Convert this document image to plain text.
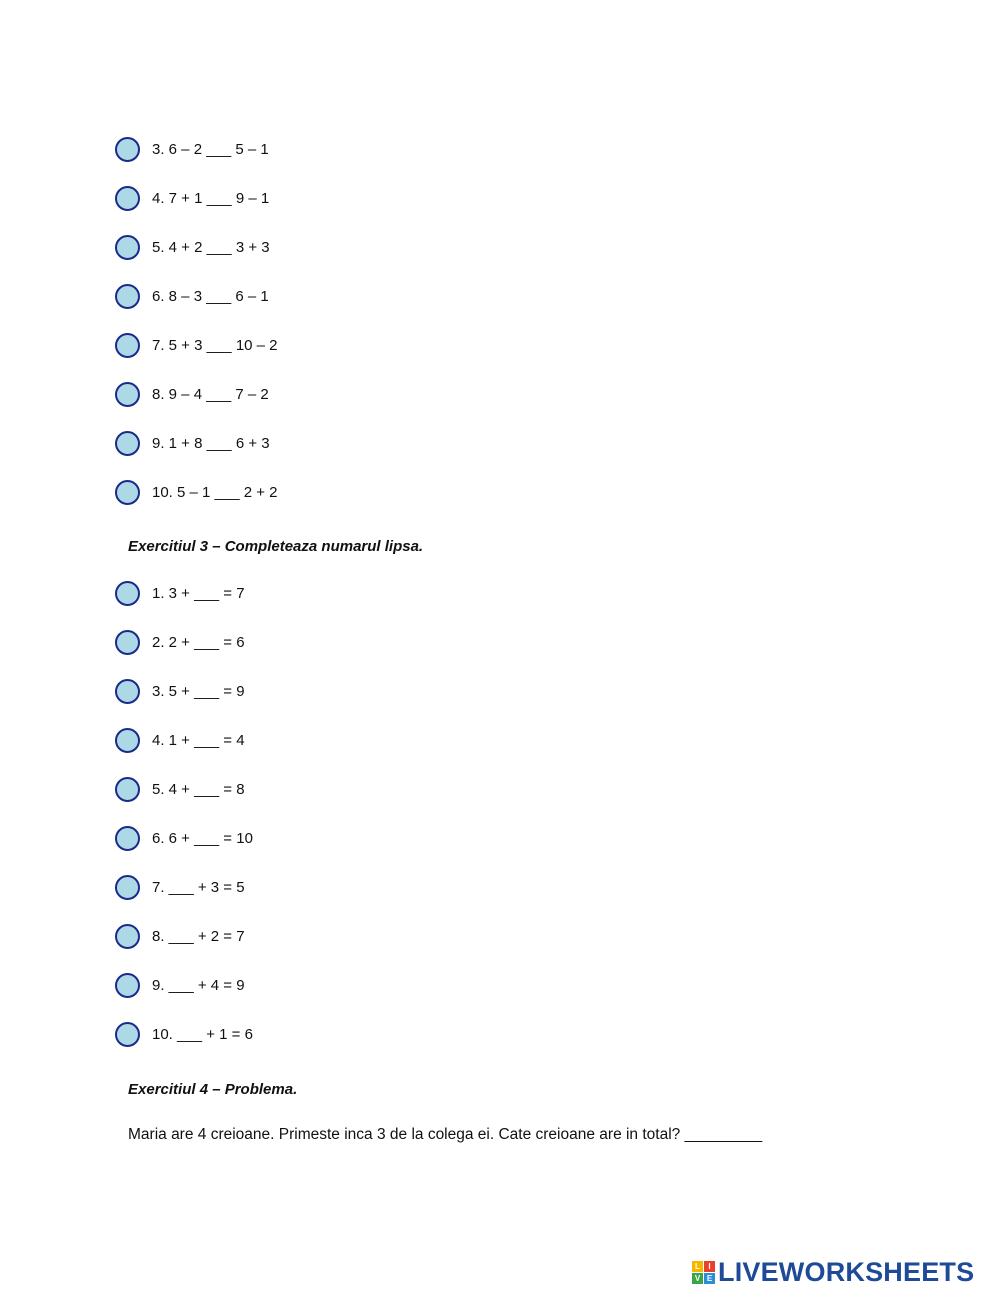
3. 6 – 2 ___ 5 – 1
4. 7 + 1 ___ 9 – 1
5. 4 + 2 ___ 3 + 3
6. 8 – 3 ___ 6 – 1
7. 5 + 3 ___ 10 – 2
8. 9 – 4 ___ 7 – 2
9. 1 + 8 ___ 6 + 3
10. 5 – 1 ___ 2 + 2
Exercitiul 3 – Completeaza numarul lipsa.
1. 3 + ___ = 7
2. 2 + ___ = 6
3. 5 + ___ = 9
4. 1 + ___ = 4
5. 4 + ___ = 8
6. 6 + ___ = 10
7. ___ + 3 = 5
8. ___ + 2 = 7
9. ___ + 4 = 9
10. ___ + 1 = 6
Exercitiul 4 – Problema.
Maria are 4 creioane. Primeste inca 3 de la colega ei. Cate creioane are in total? _________
L	I
V E LIVEWORKSHEETS
